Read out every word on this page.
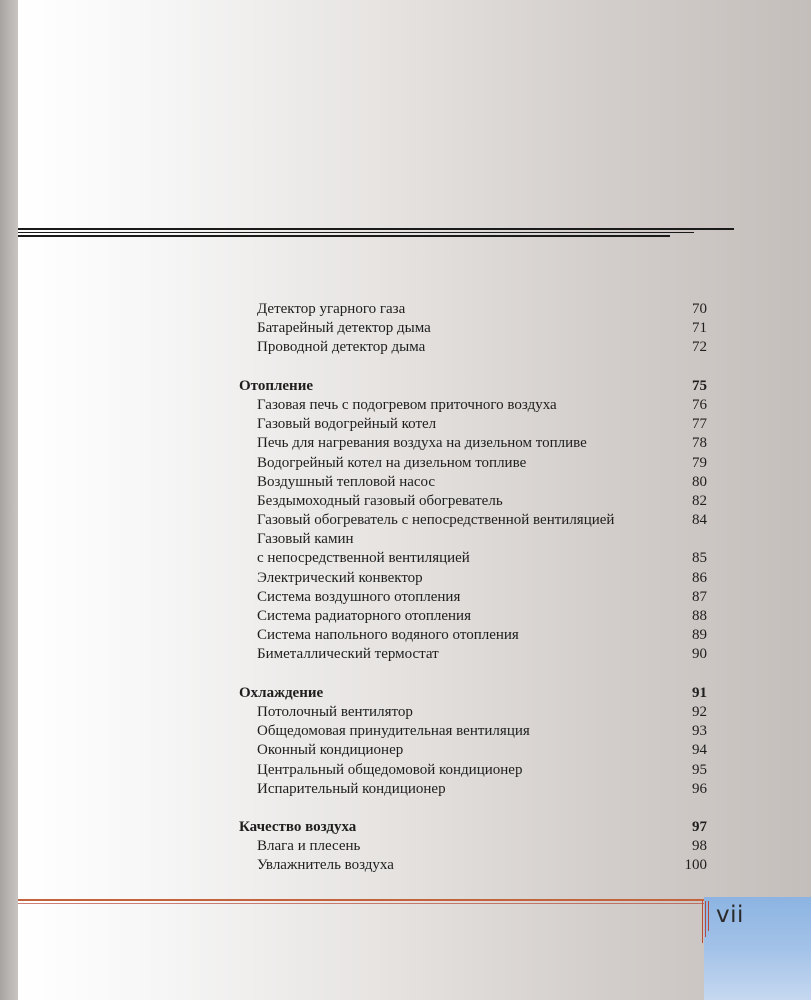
vii
Детектор угарного газа	70
Батарейный детектор дыма	71
Проводной детектор дыма	72
Отопление	75
Газовая печь с подогревом приточного воздуха	76
Газовый водогрейный котел	77
Печь для нагревания воздуха на дизельном топливе	78
Водогрейный котел на дизельном топливе	79
Воздушный тепловой насос	80
Бездымоходный газовый обогреватель	82
Газовый обогреватель с непосредственной вентиляцией	84
Газовый камин
с непосредственной вентиляцией	85
Электрический конвектор	86
Система воздушного отопления	87
Система радиаторного отопления	88
Система напольного водяного отопления	89
Биметаллический термостат	90
Охлаждение	91
Потолочный вентилятор	92
Общедомовая принудительная вентиляция	93
Оконный кондиционер	94
Центральный общедомовой кондиционер	95
Испарительный кондиционер	96
Качество воздуха	97
Влага и плесень	98
Увлажнитель воздуха	100
